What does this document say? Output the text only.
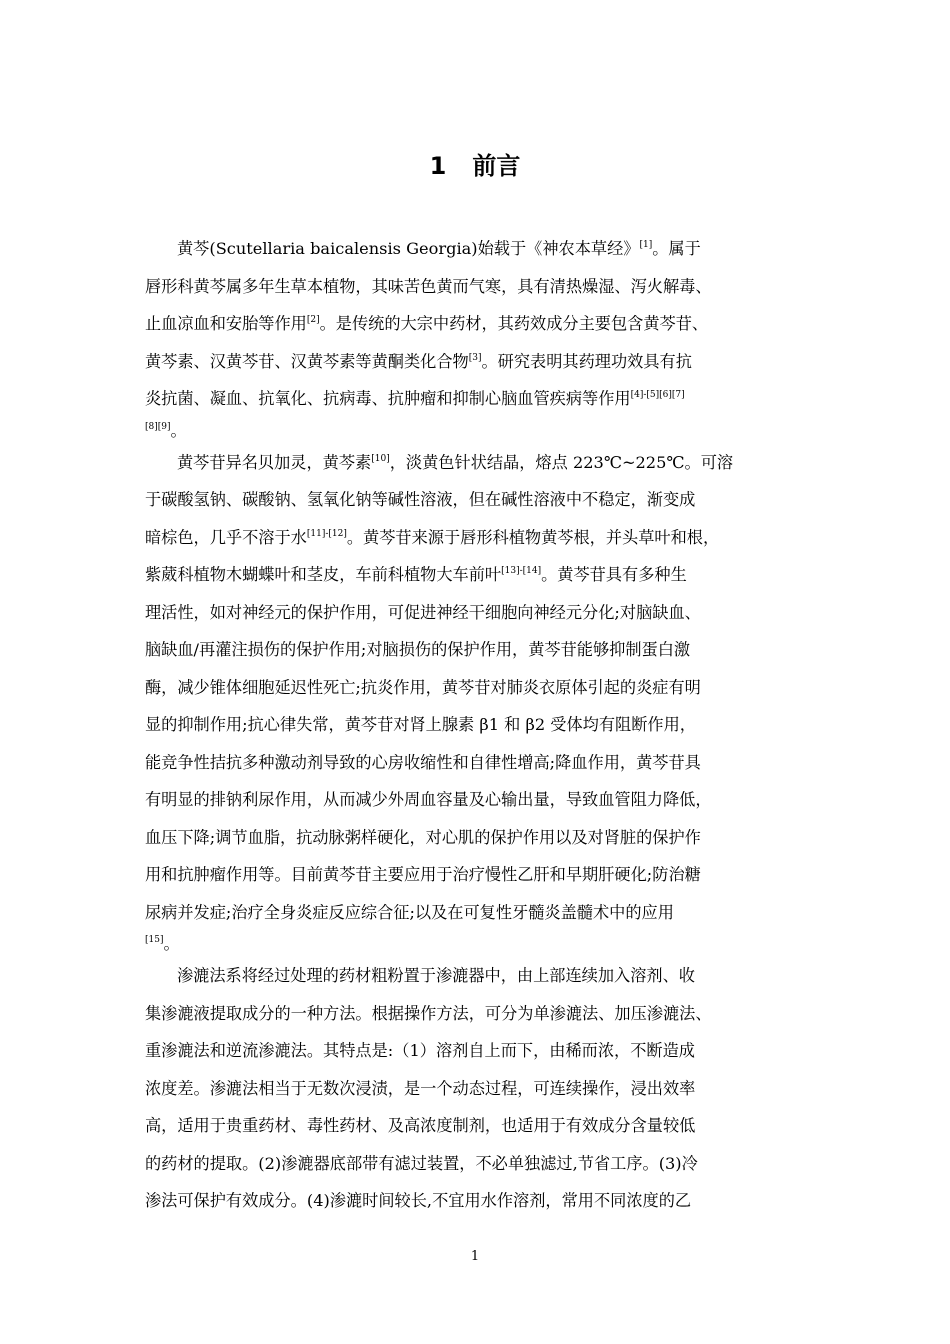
1 前言
黄芩(Scutellaria baicalensis Georgia)始载于《神农本草经》[1]。属于
唇形科黄芩属多年生草本植物，其味苦色黄而气寒，具有清热燥湿、泻火解毒、
止血凉血和安胎等作用[2]。是传统的大宗中药材，其药效成分主要包含黄芩苷、
黄芩素、汉黄芩苷、汉黄芩素等黄酮类化合物[3]。研究表明其药理功效具有抗
炎抗菌、凝血、抗氧化、抗病毒、抗肿瘤和抑制心脑血管疾病等作用[4]-[5][6][7]
[8][9]。
黄芩苷异名贝加灵，黄芩素[10]，淡黄色针状结晶，熔点 223℃~225℃。可溶
于碳酸氢钠、碳酸钠、氢氧化钠等碱性溶液，但在碱性溶液中不稳定，渐变成
暗棕色，几乎不溶于水[11]-[12]。黄芩苷来源于唇形科植物黄芩根，并头草叶和根，
紫葳科植物木蝴蝶叶和茎皮，车前科植物大车前叶[13]-[14]。黄芩苷具有多种生
理活性，如对神经元的保护作用，可促进神经干细胞向神经元分化;对脑缺血、
脑缺血/再灌注损伤的保护作用;对脑损伤的保护作用，黄芩苷能够抑制蛋白激
酶，减少锥体细胞延迟性死亡;抗炎作用，黄芩苷对肺炎衣原体引起的炎症有明
显的抑制作用;抗心律失常，黄芩苷对肾上腺素 β1 和 β2 受体均有阻断作用，
能竞争性拮抗多种激动剂导致的心房收缩性和自律性增高;降血作用，黄芩苷具
有明显的排钠利尿作用，从而减少外周血容量及心输出量，导致血管阻力降低，
血压下降;调节血脂，抗动脉粥样硬化，对心肌的保护作用以及对肾脏的保护作
用和抗肿瘤作用等。目前黄芩苷主要应用于治疗慢性乙肝和早期肝硬化;防治糖
尿病并发症;治疗全身炎症反应综合征;以及在可复性牙髓炎盖髓术中的应用
[15]。
渗漉法系将经过处理的药材粗粉置于渗漉器中，由上部连续加入溶剂、收
集渗漉液提取成分的一种方法。根据操作方法，可分为单渗漉法、加压渗漉法、
重渗漉法和逆流渗漉法。其特点是:（1）溶剂自上而下，由稀而浓，不断造成
浓度差。渗漉法相当于无数次浸渍，是一个动态过程，可连续操作，浸出效率
高，适用于贵重药材、毒性药材、及高浓度制剂，也适用于有效成分含量较低
的药材的提取。(2)渗漉器底部带有滤过装置，不必单独滤过,节省工序。(3)冷
渗法可保护有效成分。(4)渗漉时间较长,不宜用水作溶剂，常用不同浓度的乙
1
